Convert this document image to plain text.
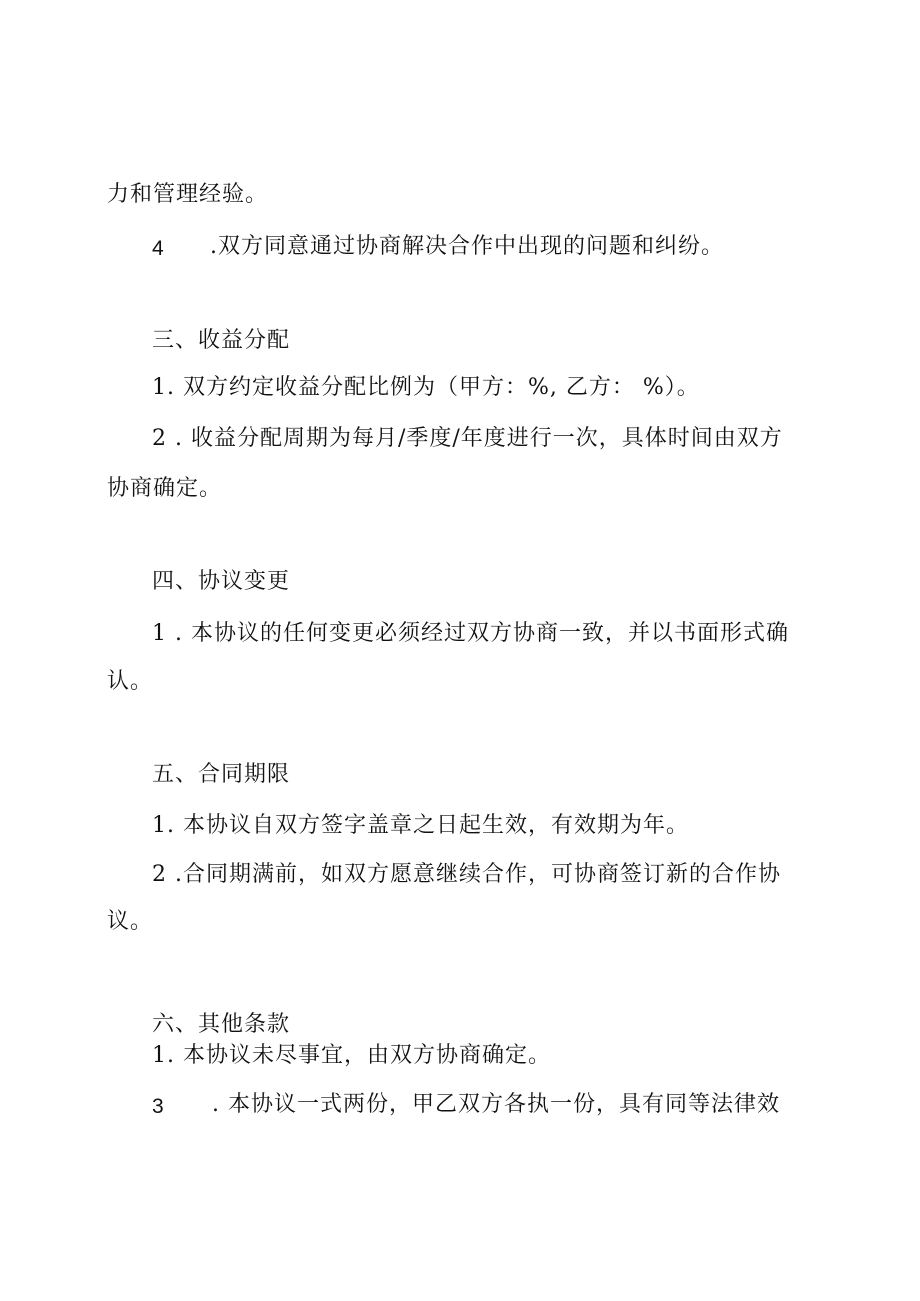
力和管理经验。
4 .双方同意通过协商解决合作中出现的问题和纠纷。
三、收益分配
1. 双方约定收益分配比例为（甲方：%, 乙方： %）。
2 . 收益分配周期为每月/季度/年度进行一次，具体时间由双方
协商确定。
四、协议变更
1 . 本协议的任何变更必须经过双方协商一致，并以书面形式确
认。
五、合同期限
1. 本协议自双方签字盖章之日起生效，有效期为年。
2 .合同期满前，如双方愿意继续合作，可协商签订新的合作协
议。
六、其他条款
1. 本协议未尽事宜，由双方协商确定。
3 . 本协议一式两份，甲乙双方各执一份，具有同等法律效
